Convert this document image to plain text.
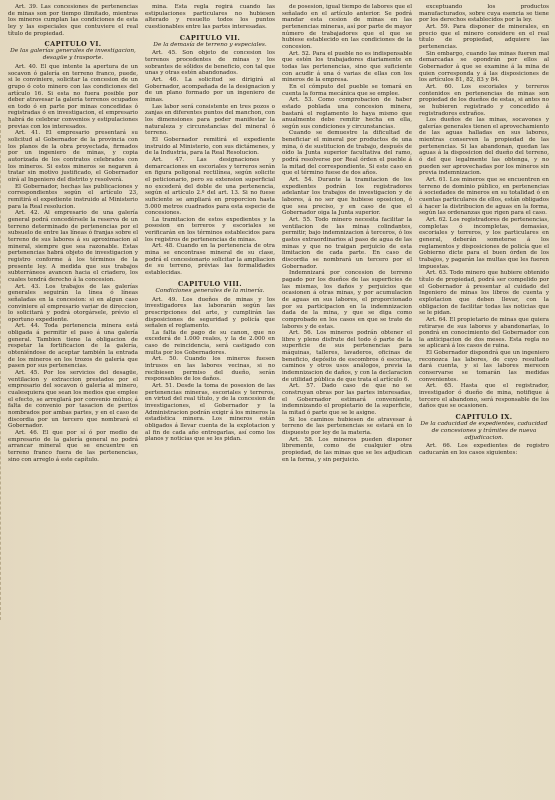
Art. 39. Las concesiones de pertenencias de minas son por tiempo ilimitado, mientras los mineros cumplan las condiciones de esta ley y las especiales que contuviere el real título de propiedad.

CAPITULO VI.
De las galerías generales de investigacion, desagüe y trasporte.

Art. 40. El que intente la apertura de un socavon ó galería en terreno franco, puede, si le conviniere, solicitar la concesion de un grupo ó coto minero con las condiciones del artículo 16. Si esta no fuera posible por deber atravesar la galería terrenos ocupados en todo ó en parte por minas concedidas ó registradas ó en investigacion, el empresario habrá de celebrar convenios y estipulaciones previas con los interesados.

Art. 41. El empresario presentará su solicitud al Gobernador de la provincia con los planos de la obra proyectada, firmados por un ingeniero de minas, y copia autorizada de los contratos celebrados con los mineros. Si estos mineros se negaren á tratar sin motivo justificado, el Gobernador oirá al Ingeniero del distrito y resolverá.

El Gobernador, hechas las publicaciones y correspondientes según el artículo 23, remitirá el expediente instruido al Ministerio para la Real resolucion.

Art. 42. Al empresario de una galería general podrá concedérsele la reserva de un terreno determinado de pertenencias por el subsuelo de entre las líneas ó franjas sobre el terreno de sus labores á su aproximacion al mineral, siempre que sea razonable. Estas pertenencias habrá objeto de investigacion y registro conforme á los términos de la presente ley. A medida que sus trabajos subterráneos avancen hacia el criadero, los cuales tendrá derecho á la concesion.

Art. 43. Los trabajos de las galerías generales seguirán la línea ó líneas señaladas en la concesion: si en algun caso conviniere al empresario variar de direccion, lo solicitará y podrá otorgársele, prévio el oportuno expediente.

Art. 44. Toda pertenencia minera está obligada á permitir el paso á una galería general. Tambien tiene la obligacion de respetar la fortificacion de la galería, obteniéndose de aceptar también la entrada de los mineros en los trozos de galería que pasen por sus pertenencias.

Art. 45. Por los servicios del desagüe, ventilacion y extraccion prestados por el empresario del socavon ó galería al minero, cualesquiera que sean los medios que emplee el efecto, se arreglará por convenio mútuo; á falta de convenio por tasacion de peritos nombrados por ambas partes, y en el caso de discordia por un tercero que nombrará el Gobernador.

Art. 46. El que por sí ó por medio de empresario de la galería general no podrá arrancar mineral que se encuentre en terreno franco fuera de las pertenencias, sino con arreglo á este capítulo.

mina. Esta regla regirá cuando las estipulaciones particulares no hubiesen alterado y resuelto todos los puntos cuestionables entre las partes interesadas.

CAPITULO VII.
De la demasía de terreno y especiales.

Art. 45. Son objeto de concesion los terrenos procedentes de minas y los sobrantes de sólidos de beneficio, con tal que unas y otras estén abandonados.

Art. 46. La solicitud se dirigirá al Gobernador, acompañada de la designacion y de un plano formado por un ingeniero de minas.

Las labor será consistente en tres pozos o zanjas en diferentes puntos del manchon, con los dimensiones para poder manifestar la naturaleza y circunstancias del mineral ó terreno.

El Gobernador remitirá el expediente instruido al Ministerio, con sus dictámenes, y de la Industria, para la Real Resolucion.

Art. 47. Las designaciones y demarcaciones en escoriales y terreros serán en figura poligonal rectilínea, según solicite el peticionario, pero su extension superficial no excederá del doble de una pertenencia, según el artículo 2.º del art. 13. Si no fuese suficiente se ampliará en proporcion hasta 5.000 metros cuadrados para esta especie de concesiones.

La tramitacion de estos expedientes y la posesion en terreros y escoriales se verificarán en los términos establecidos para los registros de pertenencias de minas.

Art. 48. Cuando en la pertenencia de otra mina se encontrase mineral de su clase, podrá el concesionario solicitar la ampliacion de su terreno, prévias las formalidades establecidas.

CAPITULO VIII.
Condiciones generales de la minería.

Art. 49. Los dueños de minas y los investigadores las laborarán según las prescripciones del arte, y cumplirán las disposiciones de seguridad y policía que señalen el reglamento.

La falta de pago de su canon, que no excederá de 1.000 reales, y la de 2.000 en caso de reincidencia, será castigado con multa por los Gobernadores.

Art. 50. Cuando los mineros fuesen intrusos en las labores vecinas, si no recibiesen permiso del dueño, serán responsables de los daños.

Art. 51. Desde la toma de posesion de las pertenencias mineras, escoriales y terreros, en virtud del real título, y de la concesion de investigaciones, el Gobernador y la Administracion podrán exigir á los mineros la estadística minera. Los mineros están obligados á llevar cuenta de la explotacion y al fin de cada año entregarlas, así como los planos y noticias que se les pidan.

de posesion, igual tiempo de labores que el señalado en el artículo anterior. Se podrá mandar esta cesion de minas en las pertenencias mineras, así por parte de mayor número de trabajadores que el que se hubiese establecido en las condiciones de la concesion.

Art. 52. Para el pueble no es indispensable que estén los trabajadores diariamente en todas las pertenencias, sino que suficiente con acudir á una ó varias de ellas con los mineros de la empresa.

En el cómputo del pueble se tomará en cuenta la forma mecánica que se emplee.

Art. 53. Como comprobacion de haber estado poblada una concesion minera, bastará el reglamento lo haya mismo que anualmente debe remitir hecha en ella, según sus condiciones y circunstancias.

Cuando se demuestre la dificultad de beneficiar el mineral por productos de una mina, ó de sustitucion de trabajo, después de oído la Junta superior facultativa del ramo, podrá resolverse por Real órden el pueble á la mitad del correspondiente. Si este caso en que el término fuese de dos años.

Art. 54. Durante la tramitacion de los expedientes podrán los registradores adelantar los trabajos de investigacion y de labores, á no ser que hubiese oposicion, ó que sea preciso, y en caso de que el Gobernador oiga la Junta superior.

Art. 55. Todo minero necesita facilitar la ventilacion de las minas colindantes, permitir, bajo indemnizacion á terceros, ó los gastos extraordinarios al paso de agua de las minas y que no traigan perjuicio de esta limitacion de cada parte. En caso de discordia se nombrará un tercero por el Gobernador.

Indemnizará por concesion de terreno pagado por los dueños de las superficies de las mismas, los daños y perjuicios que ocasionen á otras minas, y por acumulacion de aguas en sus labores, el proporcionado por su participacion en la indemnizacion dada de la mina, y que se diga como comprobado en los casos en que se trate de labores y de estas.

Art. 56. Los mineros podrán obtener el libre y pleno disfrute del todo ó parte de la superficie de sus pertenencias para máquinas, talleres, lavaderos, oficinas de beneficio, depósito de escombros ó escorias, caminos y otros usos análogos, previa la indemnizacion de daños, y con la declaracion de utilidad pública de que trata el artículo 6.

Art. 57. Dado caso de que no se construyan obras por las partes interesadas, el Gobernador estimará conveniente, indemnizando el propietario de la superficie, la mitad ó parte que se le asigne.

Si los caminos hubiesen de atravesar á terreno de las pertenencias se estará en lo dispuesto por ley de la materia.

Art. 58. Los mineros pueden disponer libremente, como de cualquier otra propiedad, de las minas que se les adjudican en la forma, y sin perjuicio.

exceptuando los productos manufacturados, sobre cuya esencia se tiene por los derechos establecidos por la ley.

Art. 59. Para disponer de minerales, en precio que el minero considere en el real título de propiedad, adquiere las pertenencias.

Sin embargo, cuando las minas fueren mal demarcadas se opondrán por ellos al Gobernador á que se examine á la mina de quien corresponda y á las disposiciones de los artículos 81, 82, 83 y 84.

Art. 60. Los escoriales y terreros contenidos en pertenencias de minas son propiedad de los dueños de estas, si antes no se hubieren registrado y concedido á registradores extraños.

Los dueños de las minas, socavones y galerías generales tienen el aprovechamiento de las aguas halladas en sus labores, mientras conserven la propiedad de las pertenencias. Si las abandonan, quedan las aguas á la disposicion del dueño del terreno, ó del que legalmente las obtenga, y no pueden ser aprovechadas por los mineros sin previa indemnizacion.

Art. 61. Los mineros que se encuentren en terreno de dominio público, en pertenencias á sociedades de mineros en su totalidad ó en cuentas particulares de ellos, están obligados á hacer la distribucion de aguas en la forma, según las ordenanzas que rigen para el caso.

Art. 62. Los registradores de pertenencias, completas ó incompletas, demasías, escoriales y terreros, y los particulares en general, deberán someterse á los reglamentos y disposiciones de policía que el Gobierno dicte para el buen órden de los trabajos, y pagarán las multas que les fueren impuestas.

Art. 63. Todo minero que hubiere obtenido título de propiedad, podrá ser compelido por el Gobernador á presentar al cuidado del Ingeniero de minas los libros de cuenta y explotacion que deben llevar, con la obligacion de facilitar todas las noticias que se le pidan.

Art. 64. El propietario de minas que quiera retirarse de sus labores y abandonarlas, lo pondrá en conocimiento del Gobernador con la anticipacion de dos meses. Esta regla no se aplicará á los casos de ruina.

El Gobernador dispondrá que un ingeniero reconozca las labores, de cuyo resultado dará cuenta, y si las labores merecen conservarse se tomarán las medidas convenientes.

Art. 65. Hasta que el registrador, investigador ó dueño de mina, notifique á tercero el abandono, será responsable de los daños que se ocasionen.

CAPITULO IX.
De la caducidad de expedientes, caducidad de concesiones y trámites de nueva adjudicacion.

Art. 66. Los expedientes de registro caducarán en los casos siguientes:
